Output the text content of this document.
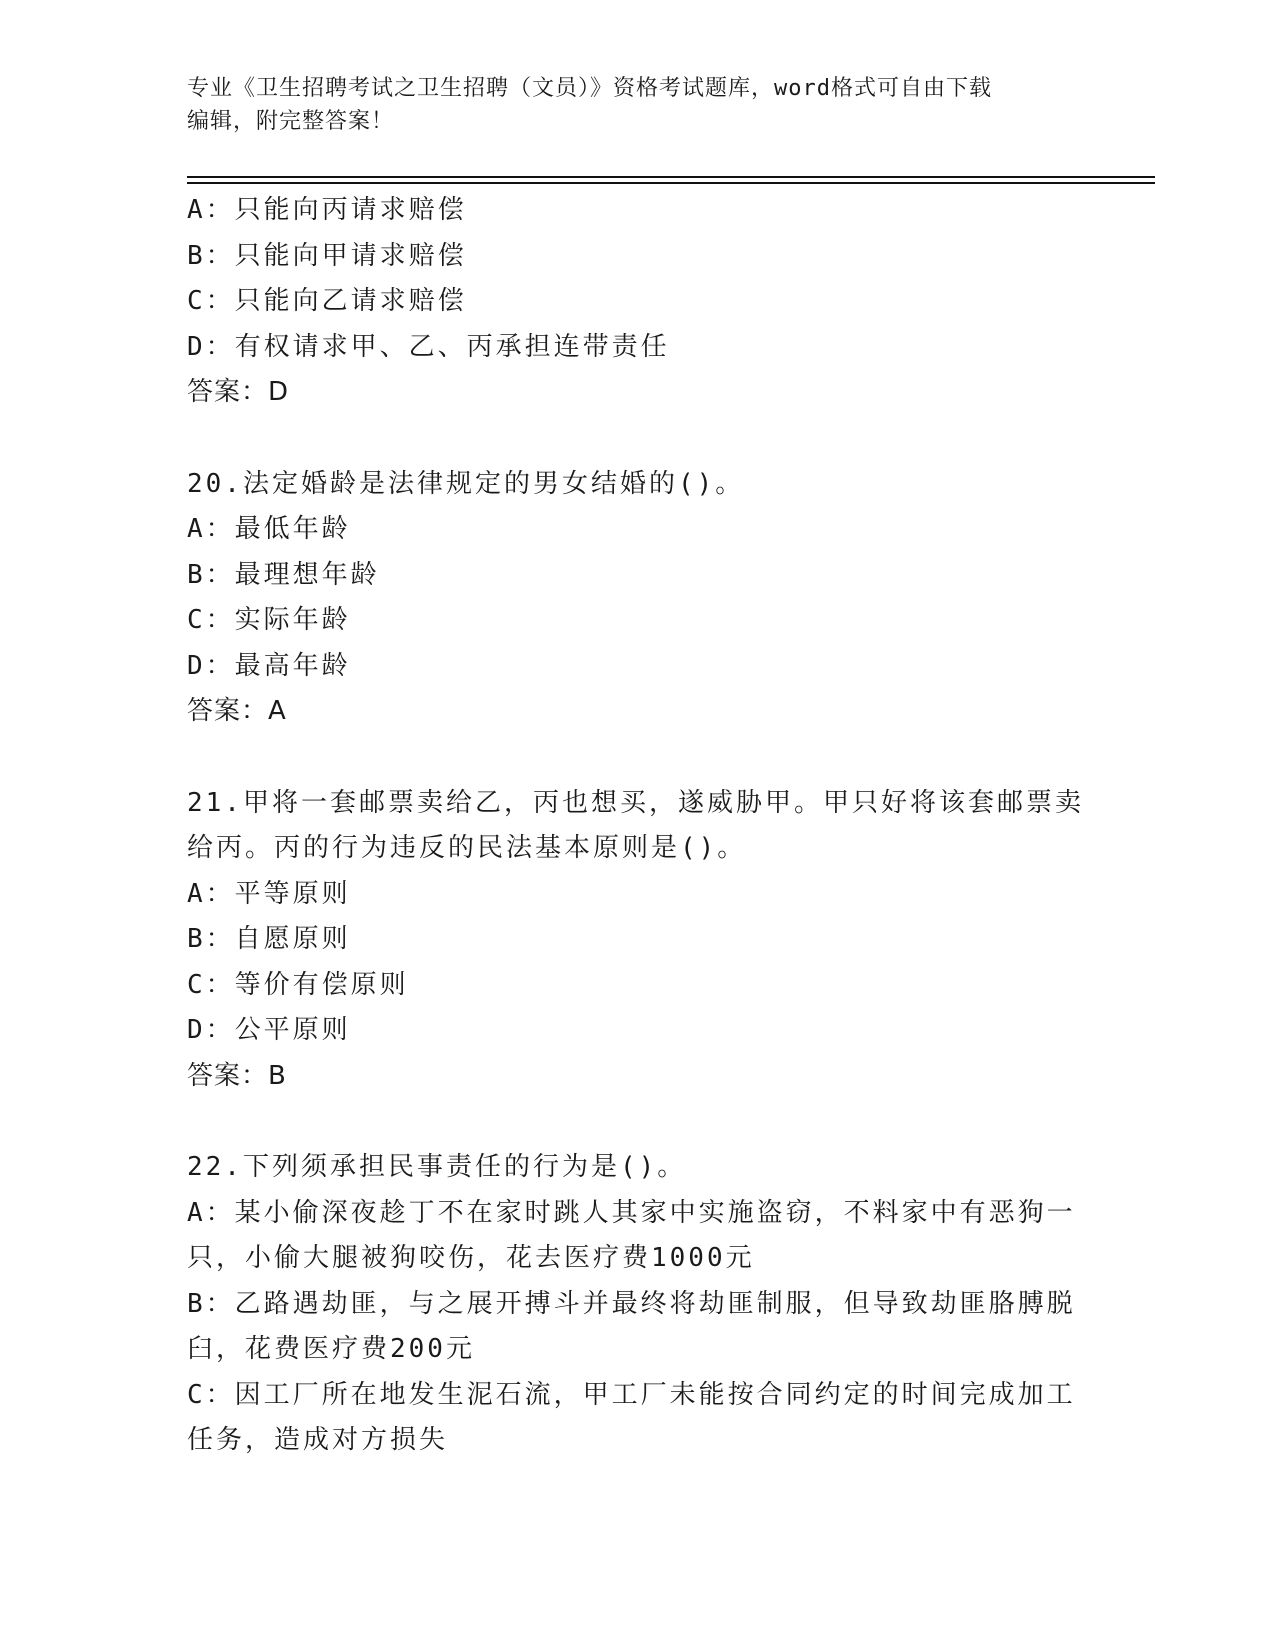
专业《卫生招聘考试之卫生招聘（文员）》资格考试题库，word格式可自由下载
编辑，附完整答案！
A：只能向丙请求赔偿
B：只能向甲请求赔偿
C：只能向乙请求赔偿
D：有权请求甲、乙、丙承担连带责任
答案：D
20.法定婚龄是法律规定的男女结婚的()。
A：最低年龄
B：最理想年龄
C：实际年龄
D：最高年龄
答案：A
21.甲将一套邮票卖给乙，丙也想买，遂威胁甲。甲只好将该套邮票卖
给丙。丙的行为违反的民法基本原则是()。
A：平等原则
B：自愿原则
C：等价有偿原则
D：公平原则
答案：B
22.下列须承担民事责任的行为是()。
A：某小偷深夜趁丁不在家时跳人其家中实施盗窃，不料家中有恶狗一
只，小偷大腿被狗咬伤，花去医疗费1000元
B：乙路遇劫匪，与之展开搏斗并最终将劫匪制服，但导致劫匪胳膊脱
臼，花费医疗费200元
C：因工厂所在地发生泥石流，甲工厂未能按合同约定的时间完成加工
任务，造成对方损失
